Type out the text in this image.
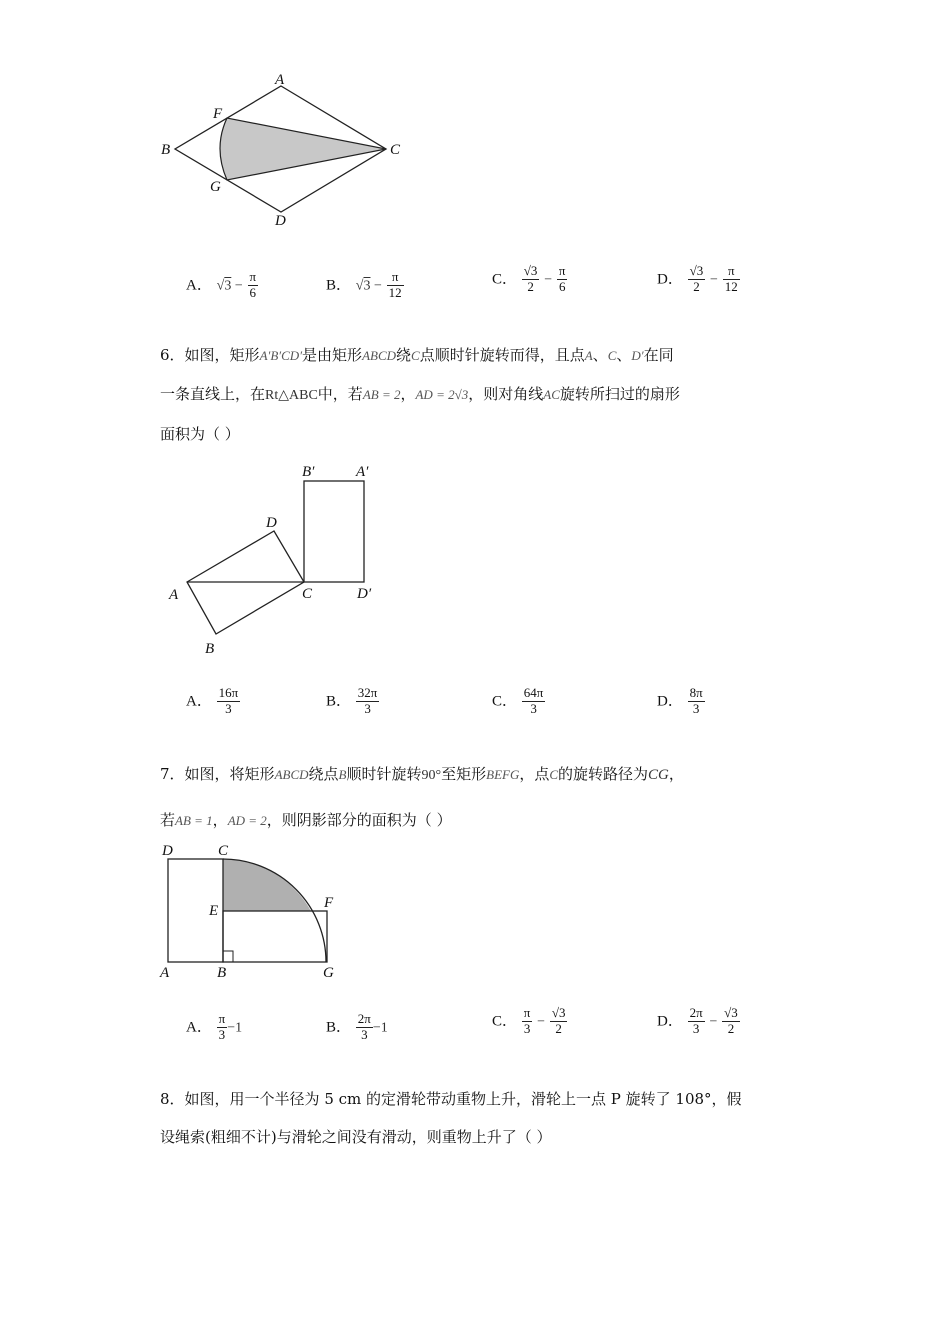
A
B	C
D
F
G
A． $√3 - \frac{\pi}{6}$	B． $√3 - \frac{\pi}{12}$	C． $\frac{√3}{2} - \frac{\pi}{6}$	D． $\frac{√3}{2} - \frac{\pi}{12}$
6．如图，矩形A′B′CD′是由矩形ABCD绕C点顺时针旋转而得，且点A、C、D′在同
一条直线上，在Rt△ABC中，若AB = 2，AD = 2√3，则对角线AC旋转所扫过的扇形
面积为（ ）
A
B
C
D
B′	A′
D′
A． $\frac{16\pi}{3}$	B． $\frac{32\pi}{3}$	C． $\frac{64\pi}{3}$	D． $\frac{8\pi}{3}$
7．如图，将矩形ABCD绕点B顺时针旋转90°至矩形BEFG，点C的旋转路径为CG，
若AB = 1，AD = 2，则阴影部分的面积为（ ）
A	B
C
D
E	F
G
A． $\frac{\pi}{3} -1$	B． $\frac{2\pi}{3} -1$	C． $\frac{\pi}{3} - \frac{√3}{2}$	D． $\frac{2\pi}{3} - \frac{√3}{2}$
8．如图，用一个半径为 5 cm 的定滑轮带动重物上升，滑轮上一点 P 旋转了 108°，假
设绳索(粗细不计)与滑轮之间没有滑动，则重物上升了（ ）
